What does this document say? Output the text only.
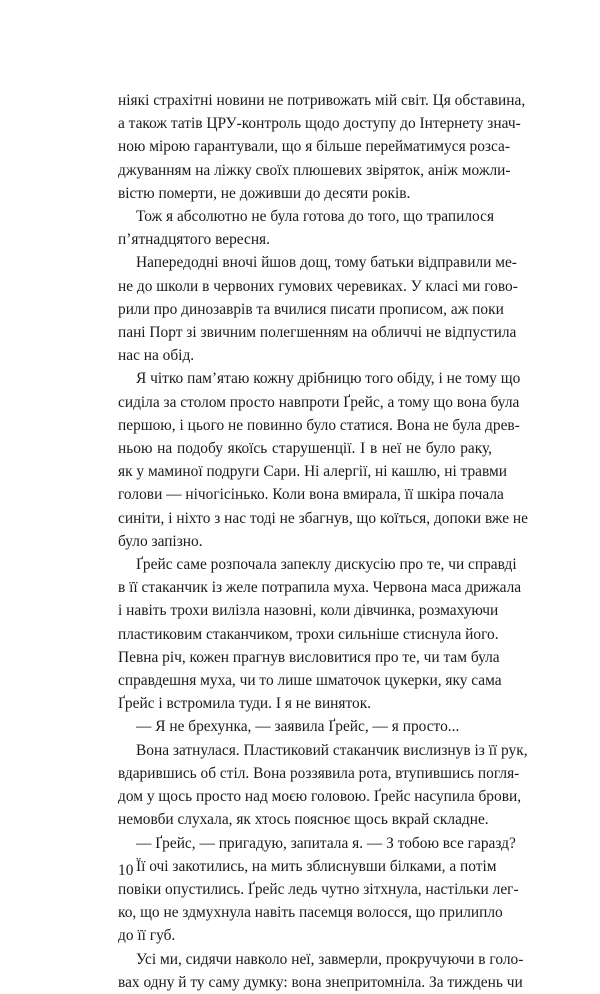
ніякі страхітні новини не потривожать мій світ. Ця обставина,
а також татів ЦРУ-контроль щодо доступу до Інтернету знач-
ною мірою гарантували, що я більше перейматимуся розса-
джуванням на ліжку своїх плюшевих звіряток, аніж можли-
вістю померти, не доживши до десяти років.
Тож я абсолютно не була готова до того, що трапилося
п’ятнадцятого вересня.
Напередодні вночі йшов дощ, тому батьки відправили ме-
не до школи в червоних гумових черевиках. У класі ми гово-
рили про динозаврів та вчилися писати прописом, аж поки
пані Порт зі звичним полегшенням на обличчі не відпустила
нас на обід.
Я чітко пам’ятаю кожну дрібницю того обіду, і не тому що
сиділа за столом просто навпроти Ґрейс, а тому що вона була
першою, і цього не повинно було статися. Вона не була древ-
ньою на подобу якоїсь старушенції. І в неї не було раку,
як у маминої подруги Сари. Ні алергії, ні кашлю, ні травми
голови — нічогісінько. Коли вона вмирала, її шкіра почала
синіти, і ніхто з нас тоді не збагнув, що коїться, допоки вже не
було запізно.
Ґрейс саме розпочала запеклу дискусію про те, чи справді
в її стаканчик із желе потрапила муха. Червона маса дрижала
і навіть трохи вилізла назовні, коли дівчинка, розмахуючи
пластиковим стаканчиком, трохи сильніше стиснула його.
Певна річ, кожен прагнув висловитися про те, чи там була
справдешня муха, чи то лише шматочок цукерки, яку сама
Ґрейс і встромила туди. І я не виняток.
— Я не брехунка, — заявила Ґрейс, — я просто...
Вона затнулася. Пластиковий стаканчик вислизнув із її рук,
вдарившись об стіл. Вона роззявила рота, втупившись погля-
дом у щось просто над моєю головою. Ґрейс насупила брови,
немовби слухала, як хтось пояснює щось вкрай складне.
— Ґрейс, — пригадую, запитала я. — З тобою все гаразд?
Її очі закотились, на мить зблиснувши білками, а потім
повіки опустились. Ґрейс ледь чутно зітхнула, настільки лег-
ко, що не здмухнула навіть пасемця волосся, що прилипло
до її губ.
Усі ми, сидячи навколо неї, завмерли, прокручуючи в голо-
вах одну й ту саму думку: вона знепритомніла. За тиждень чи
10
